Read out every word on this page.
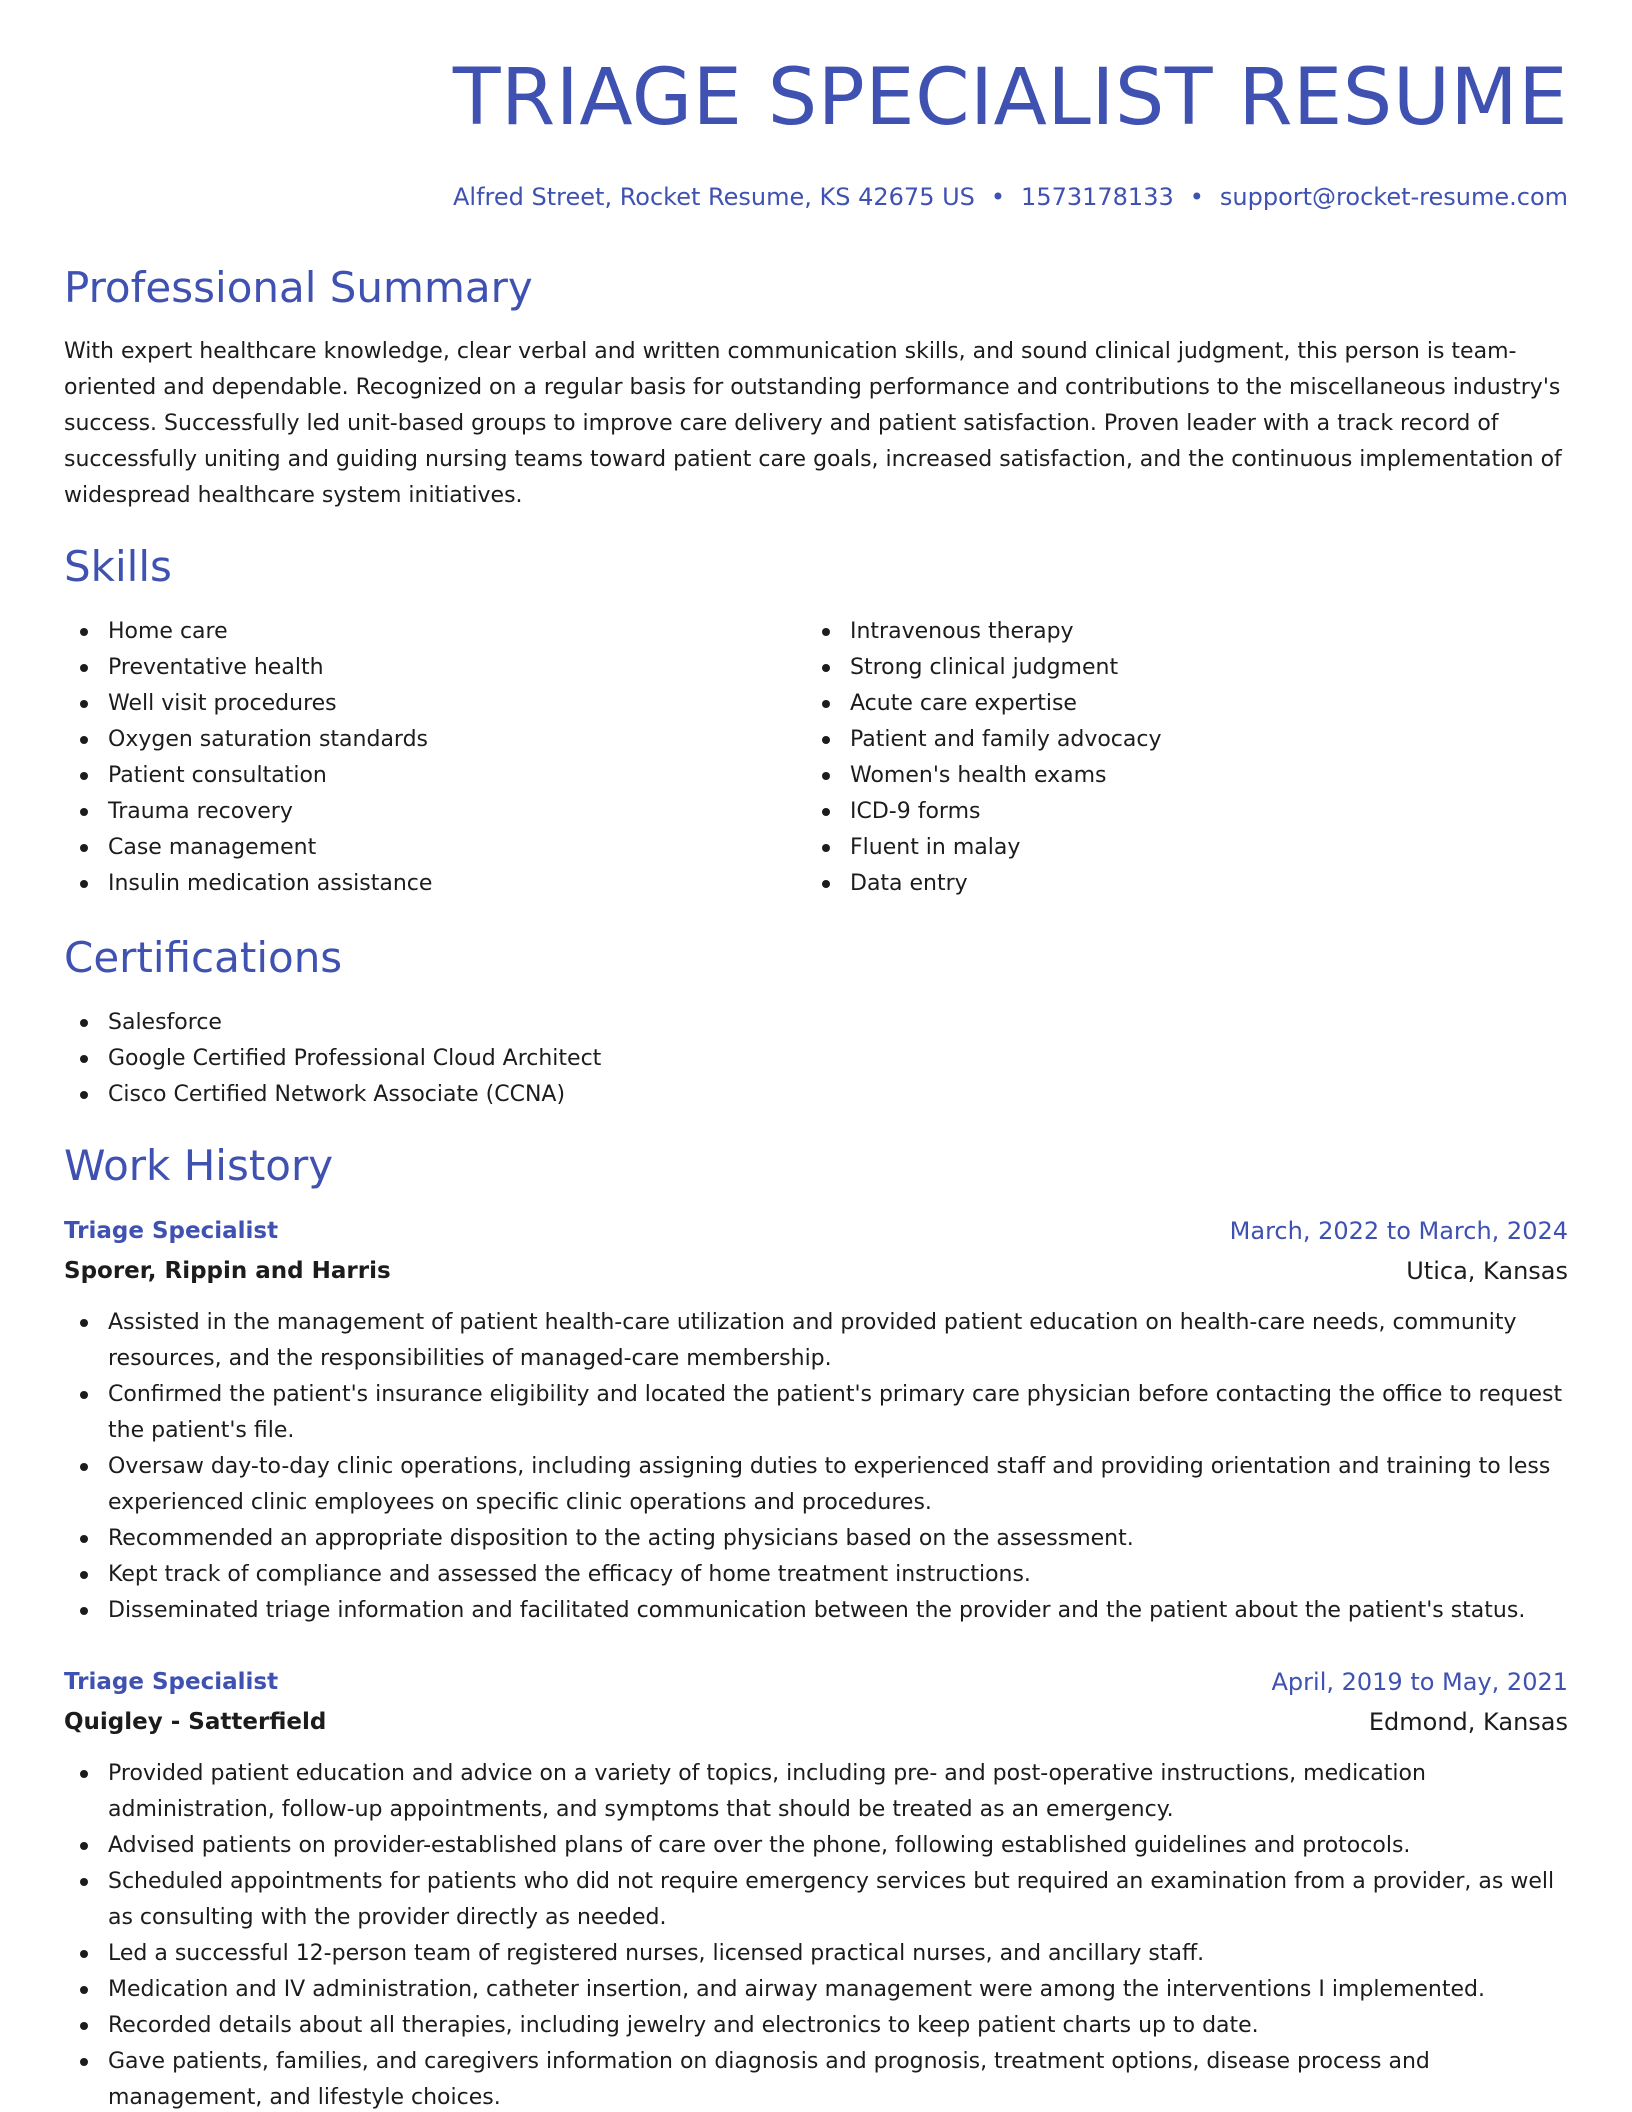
TRIAGE SPECIALIST RESUME
Alfred Street, Rocket Resume, KS 42675 US • 1573178133 • support@rocket-resume.com
Professional Summary

With expert healthcare knowledge, clear verbal and written communication skills, and sound clinical judgment, this person is team-oriented and dependable. Recognized on a regular basis for outstanding performance and contributions to the miscellaneous industry's success. Successfully led unit-based groups to improve care delivery and patient satisfaction. Proven leader with a track record of successfully uniting and guiding nursing teams toward patient care goals, increased satisfaction, and the continuous implementation of widespread healthcare system initiatives.

Skills
Home care
Preventative health
Well visit procedures
Oxygen saturation standards
Patient consultation
Trauma recovery
Case management
Insulin medication assistance
Intravenous therapy
Strong clinical judgment
Acute care expertise
Patient and family advocacy
Women's health exams
ICD-9 forms
Fluent in malay
Data entry
Certifications
Salesforce
Google Certified Professional Cloud Architect
Cisco Certified Network Associate (CCNA)
Work History
Triage Specialist	March, 2022 to March, 2024
Sporer, Rippin and Harris	Utica, Kansas
Assisted in the management of patient health-care utilization and provided patient education on health-care needs, community resources, and the responsibilities of managed-care membership.
Confirmed the patient's insurance eligibility and located the patient's primary care physician before contacting the office to request the patient's file.
Oversaw day-to-day clinic operations, including assigning duties to experienced staff and providing orientation and training to less experienced clinic employees on specific clinic operations and procedures.
Recommended an appropriate disposition to the acting physicians based on the assessment.
Kept track of compliance and assessed the efficacy of home treatment instructions.
Disseminated triage information and facilitated communication between the provider and the patient about the patient's status.
Triage Specialist	April, 2019 to May, 2021
Quigley - Satterfield	Edmond, Kansas
Provided patient education and advice on a variety of topics, including pre- and post-operative instructions, medication administration, follow-up appointments, and symptoms that should be treated as an emergency.
Advised patients on provider-established plans of care over the phone, following established guidelines and protocols.
Scheduled appointments for patients who did not require emergency services but required an examination from a provider, as well as consulting with the provider directly as needed.
Led a successful 12-person team of registered nurses, licensed practical nurses, and ancillary staff.
Medication and IV administration, catheter insertion, and airway management were among the interventions I implemented.
Recorded details about all therapies, including jewelry and electronics to keep patient charts up to date.
Gave patients, families, and caregivers information on diagnosis and prognosis, treatment options, disease process and management, and lifestyle choices.
